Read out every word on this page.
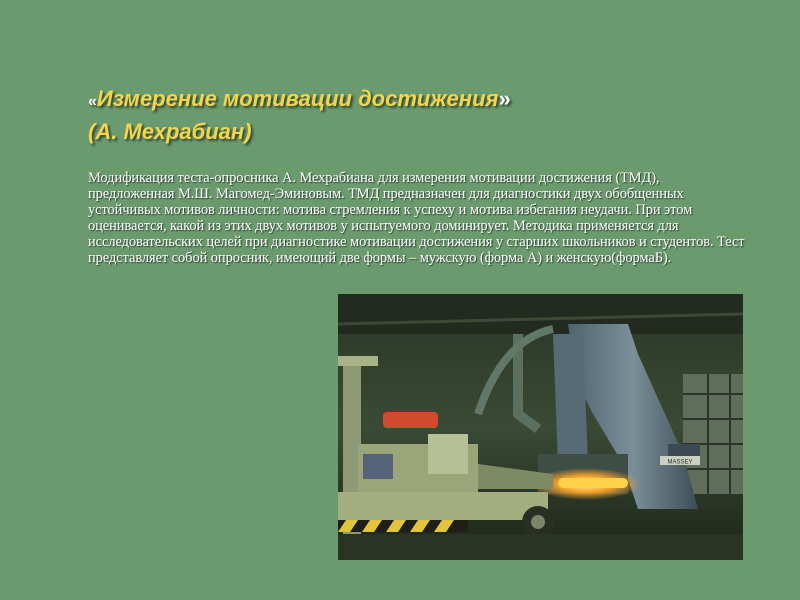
«Измерение мотивации достижения»
(А. Мехрабиан)
Модификация теста-опросника А. Мехрабиана для измерения мотивации достижения (ТМД), предложенная М.Ш. Магомед-Эминовым. ТМД предназначен для диагностики двух обобщенных устойчивых мотивов личности: мотива стремления к успеху и мотива избегания неудачи. При этом оценивается, какой из этих двух мотивов у испытуемого доминирует. Методика применяется для исследовательских целей при диагностике мотивации достижения у старших школьников и студентов. Тест представляет собой опросник, имеющий две формы – мужскую (форма А) и женскую(формаБ).
MASSEY
